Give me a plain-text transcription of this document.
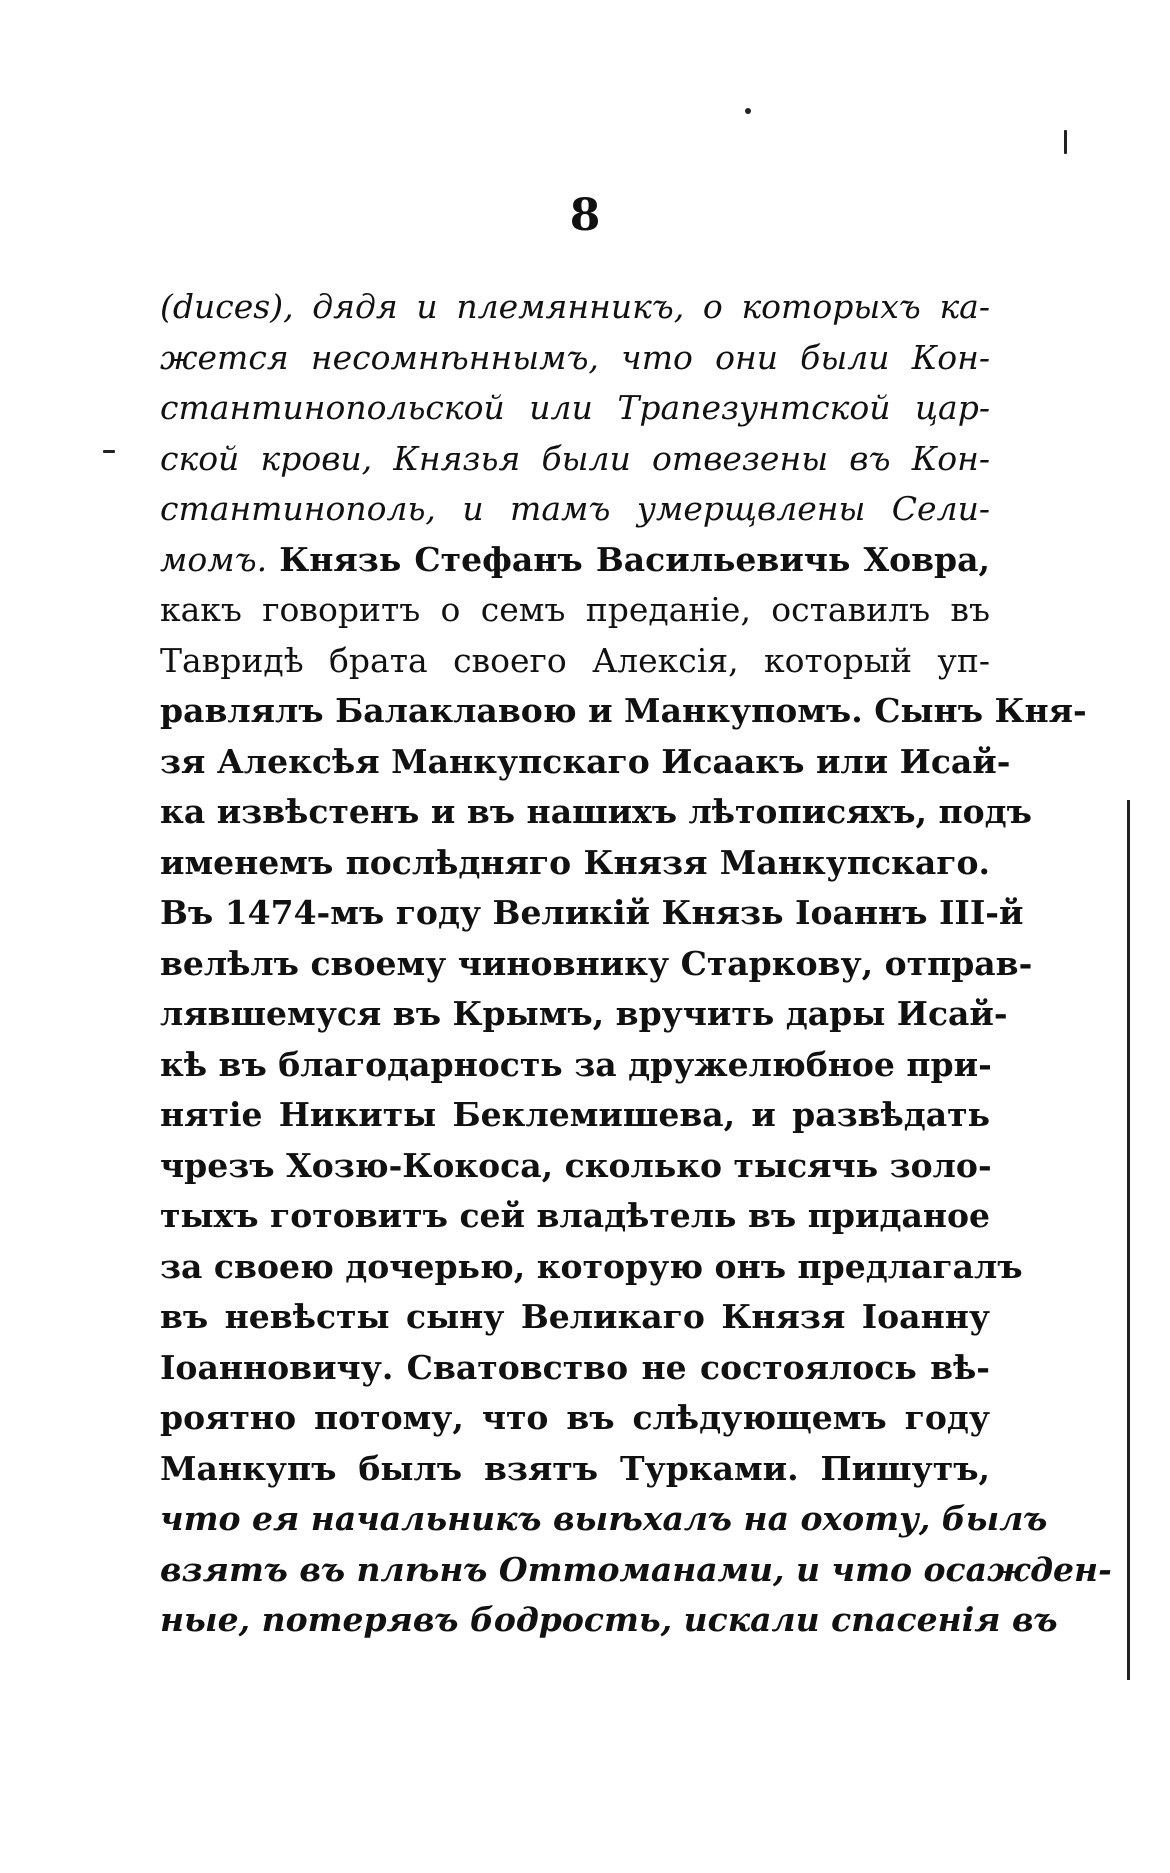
8
(duces), дядя и племянникъ, о которыхъ ка-
жется несомнѣннымъ, что они были Кон-
стантинопольской или Трапезунтской цар-
ской крови, Князья были отвезены въ Кон-
стантинополь, и тамъ умерщвлены Сели-
момъ. Князь Стефанъ Васильевичь Ховра,
какъ говоритъ о семъ преданіе, оставилъ въ
Тавридѣ брата своего Алексія, который уп-
равлялъ Балаклавою и Манкупомъ. Сынъ Кня-
зя Алексѣя Манкупскаго Исаакъ или Исай-
ка извѣстенъ и въ нашихъ лѣтописяхъ, подъ
именемъ послѣдняго Князя Манкупскаго.
Въ 1474-мъ году Великій Князь Іоаннъ III-й
велѣлъ своему чиновнику Старкову, отправ-
лявшемуся въ Крымъ, вручить дары Исай-
кѣ въ благодарность за дружелюбное при-
нятіе Никиты Беклемишева, и развѣдать
чрезъ Хозю-Кокоса, сколько тысячь золо-
тыхъ готовитъ сей владѣтель въ приданое
за своею дочерью, которую онъ предлагалъ
въ невѣсты сыну Великаго Князя Іоанну
Іоанновичу. Сватовство не состоялось вѣ-
роятно потому, что въ слѣдующемъ году
Манкупъ былъ взятъ Турками. Пишутъ,
что ея начальникъ выѣхалъ на охоту, былъ
взятъ въ плѣнъ Оттоманами, и что осажден-
ные, потерявъ бодрость, искали спасенія въ
